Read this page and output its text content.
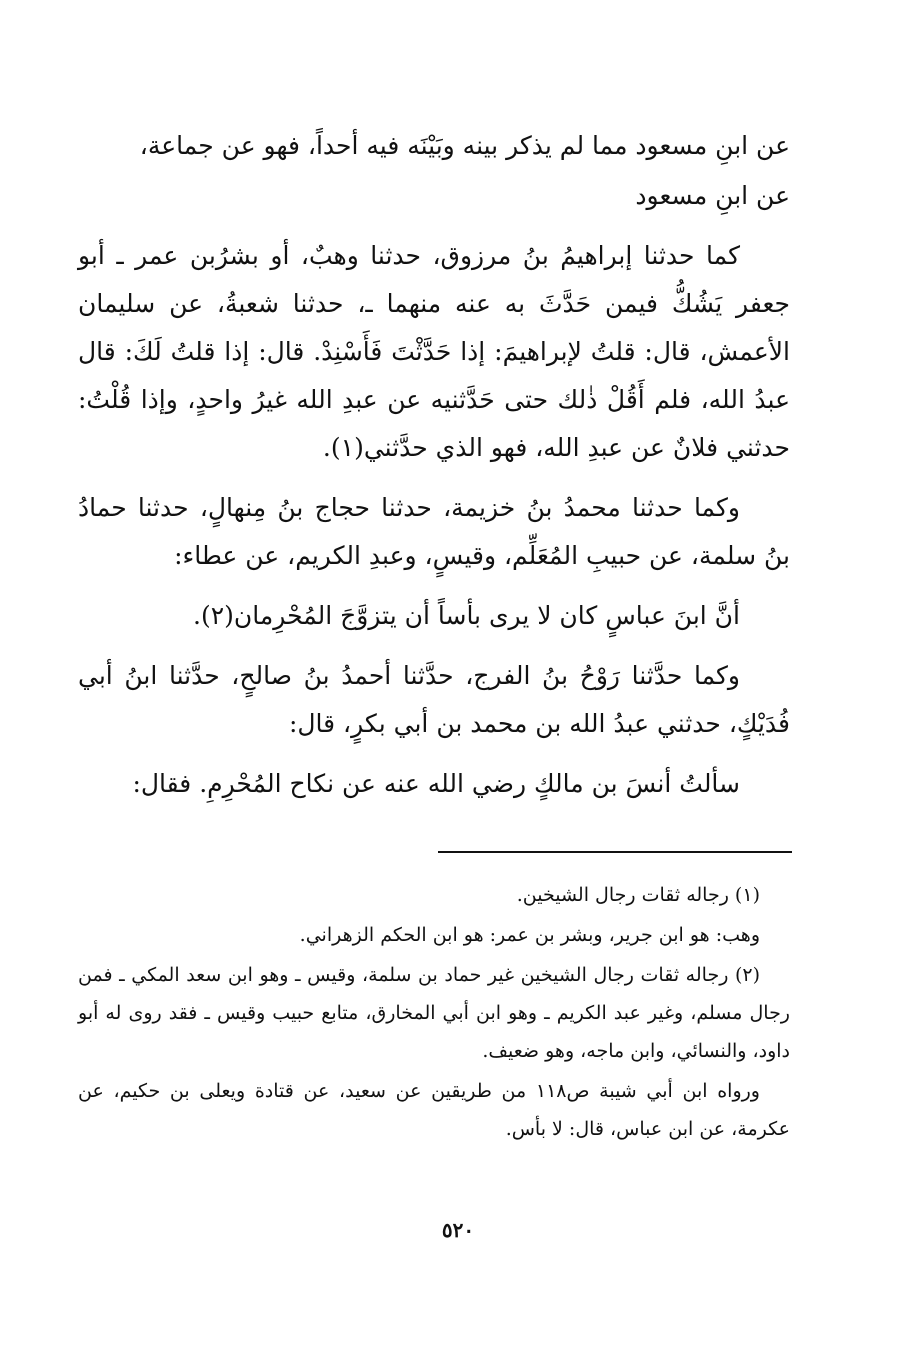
عن ابنِ مسعود مما لم يذكر بينه وبَيْنَه فيه أحداً، فهو عن جماعة،

عن ابنِ مسعود

كما حدثنا إبراهيمُ بنُ مرزوق، حدثنا وهبٌ، أو بشرُبن عمر ـ أبو جعفر يَشُكُّ فيمن حَدَّثَ به عنه منهما ـ، حدثنا شعبةُ، عن سليمان الأعمش، قال: قلتُ لإبراهيمَ: إذا حَدَّثْتَ فَأَسْنِدْ. قال: إذا قلتُ لَكَ: قال عبدُ الله، فلم أَقُلْ ذٰلك حتى حَدَّثنيه عن عبدِ الله غيرُ واحدٍ، وإذا قُلْتُ: حدثني فلانٌ عن عبدِ الله، فهو الذي حدَّثني(١).

وكما حدثنا محمدُ بنُ خزيمة، حدثنا حجاج بنُ مِنهالٍ، حدثنا حمادُ بنُ سلمة، عن حبيبِ المُعَلِّم، وقيسٍ، وعبدِ الكريم، عن عطاء:

أنَّ ابنَ عباسٍ كان لا يرى بأساً أن يتزوَّجَ المُحْرِمان(٢).

وكما حدَّثنا رَوْحُ بنُ الفرج، حدَّثنا أحمدُ بنُ صالحٍ، حدَّثنا ابنُ أبي فُدَيْكٍ، حدثني عبدُ الله بن محمد بن أبي بكرٍ، قال:

سألتُ أنسَ بن مالكٍ رضي الله عنه عن نكاح المُحْرِمِ. فقال:

(١) رجاله ثقات رجال الشيخين.

وهب: هو ابن جرير، وبشر بن عمر: هو ابن الحكم الزهراني.

(٢) رجاله ثقات رجال الشيخين غير حماد بن سلمة، وقيس ـ وهو ابن سعد المكي ـ فمن رجال مسلم، وغير عبد الكريم ـ وهو ابن أبي المخارق، متابع حبيب وقيس ـ فقد روى له أبو داود، والنسائي، وابن ماجه، وهو ضعيف.

ورواه ابن أبي شيبة ص١١٨ من طريقين عن سعيد، عن قتادة ويعلى بن حكيم، عن عكرمة، عن ابن عباس، قال: لا بأس.

٥٢٠
